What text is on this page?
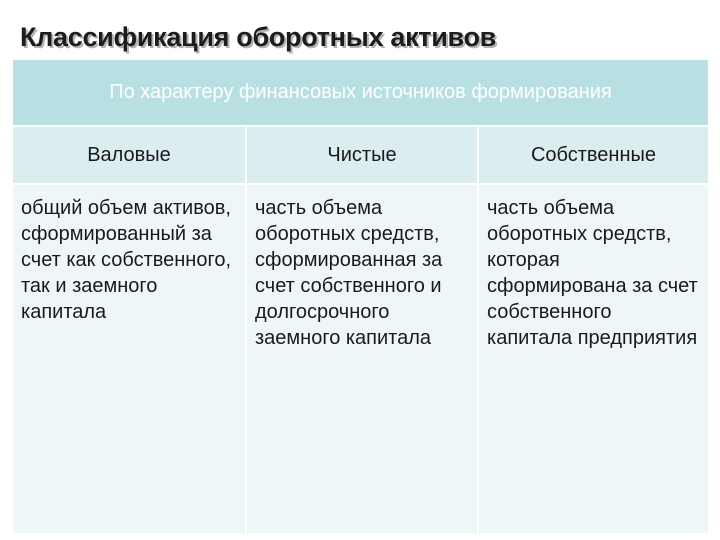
Классификация оборотных активов
По характеру финансовых источников формирования		
Валовые	Чистые	Собственные
общий объем активов, сформированный за счет как собственного, так и заемного капитала	часть объема оборотных средств, сформированная за счет собственного и долгосрочного заемного капитала	часть объема оборотных средств, которая сформирована за счет собственного капитала предприятия
